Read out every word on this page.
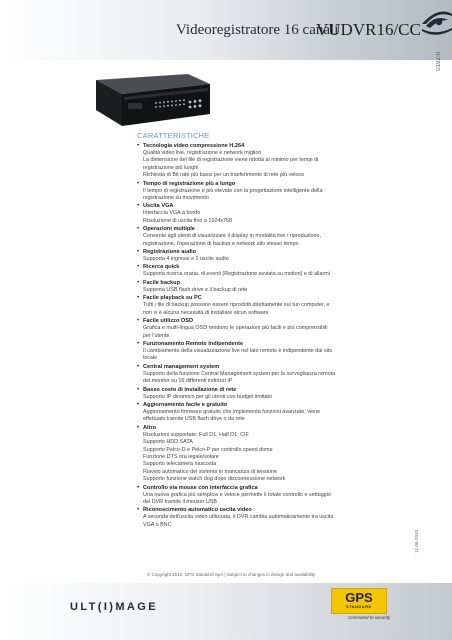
Videoregistratore 16 canali
VUDVR16/CC
0192-0
CARATTERISTICHE
• Tecnologia video compressione H.264
Qualità video live, registrazione e network migliori
La dimensione del file di registrazione viene ridotta al minimo per tempi di
registrazione più lunghi
Richiesta di Bit rate più bassi per un trasferimento di rete più veloce
• Tempo di registrazione più a lungo
Il tempo di registrazione è più elevato con la progettazione intelligente della
registrazione su movimento
• Uscita VGA
Interfaccia VGA a bordo
Risoluzione di uscita fino a 1924x768
• Operazioni multiple
Consente agli utenti di visualizzare il display in modalità live / riproduzione,
registrazione, l'operazione di backup e network allo stesso tempo
• Registrazione audio
Supporta 4 ingressi e 2 uscite audio
• Ricerca quick
Supporta ricerca oraria, di eventi (Registrazione avviata su motion) e di allarmi
• Facile backup
Supporta USB flash drive e il backup di rete
• Facile playback su PC
Tutti i file di backup possono essere riprodotti direttamente sul tuo computer, e
non vi è alcuna necessità di installare alcun software
• Facile utilizzo OSD
Grafica e multi-lingua OSD rendono le operazioni più facili e più comprensibili
per l'utente
• Funzionamento Remoto indipendente
Il cambiamento della visualizzazione live nel lato remoto è indipendente dal sito
locale
• Central management system
Supporto della funzione Central Management system per la sorveglianza remota
del monitor su 16 differenti indirizzi IP
• Basso costo di installazione di rete
Supporto IP dinamico per gli utenti con budget limitato
• Aggiornamento facile e gratuito
Aggiornamento firmware gratuito che implementa funzioni avanzate, viene
effettuato tramite USB flash drive o da rete
• Altro
Risoluzioni supportate: Full D1, Half D1, CIF
Supporto HDD SATA
Supporto Pelco-D e Pelco-P per controllo speed dome
Funzione DTS ora legale/solare
Supporto telecamera nascosta
Riavvio automatico del sistema in mancanza di tensione
Supporto funzione watch dog dopo disconnessione network
• Controllo via mouse con interfaccia grafica
Una nuova grafica più semplice e veloce permette il totale controllo e settaggio
del DVR tramite il mouser USB
• Riconoscimento automatico uscita video
A seconda dell'uscita video utilizzata, il DVR cambia automaticamente tra uscita
VGA o BNC
11-06-2010
© Copyright 2010, GPS Standard SpA | Subject to changes in design and availability
ULT(I)MAGE
GPS
STANDARD
Commited to security
